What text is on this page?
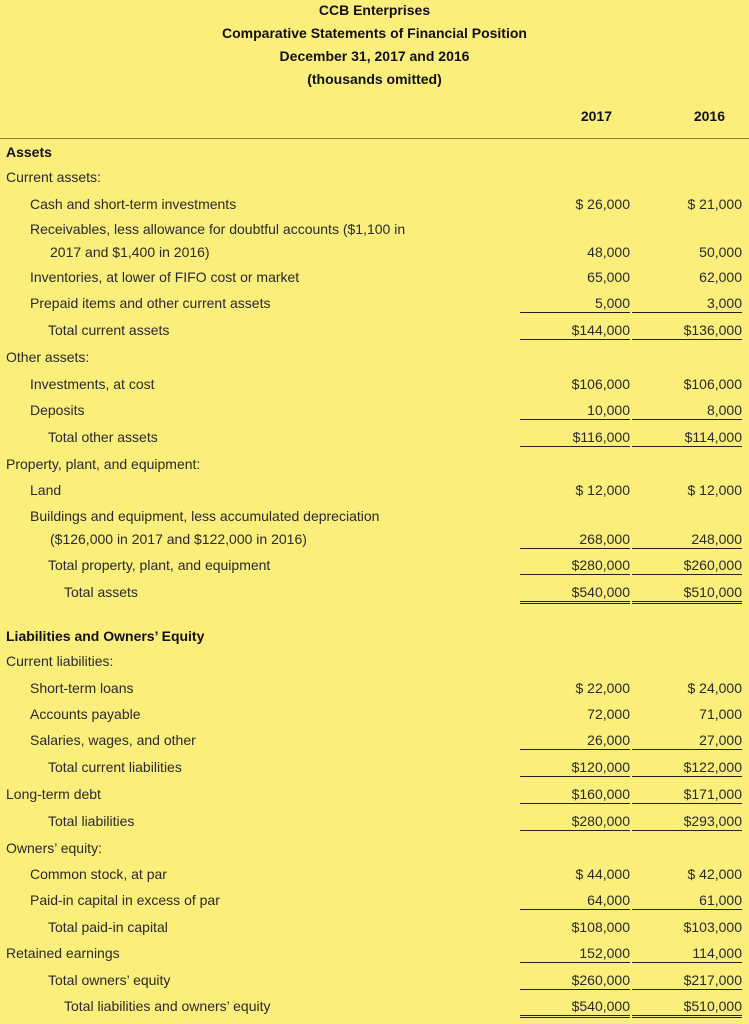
CCB Enterprises
Comparative Statements of Financial Position
December 31, 2017 and 2016
(thousands omitted)
2017	2016
Assets
Current assets:
Cash and short-term investments	$ 26,000	$ 21,000
Receivables, less allowance for doubtful accounts ($1,100 in
2017 and $1,400 in 2016)	48,000	50,000
Inventories, at lower of FIFO cost or market	65,000	62,000
Prepaid items and other current assets	5,000	3,000
Total current assets	$144,000	$136,000
Other assets:
Investments, at cost	$106,000	$106,000
Deposits	10,000	8,000
Total other assets	$116,000	$114,000
Property, plant, and equipment:
Land	$ 12,000	$ 12,000
Buildings and equipment, less accumulated depreciation
($126,000 in 2017 and $122,000 in 2016)	268,000	248,000
Total property, plant, and equipment	$280,000	$260,000
Total assets	$540,000	$510,000
Liabilities and Owners’ Equity
Current liabilities:
Short-term loans	$ 22,000	$ 24,000
Accounts payable	72,000	71,000
Salaries, wages, and other	26,000	27,000
Total current liabilities	$120,000	$122,000
Long-term debt	$160,000	$171,000
Total liabilities	$280,000	$293,000
Owners’ equity:
Common stock, at par	$ 44,000	$ 42,000
Paid-in capital in excess of par	64,000	61,000
Total paid-in capital	$108,000	$103,000
Retained earnings	152,000	114,000
Total owners’ equity	$260,000	$217,000
Total liabilities and owners’ equity	$540,000	$510,000
